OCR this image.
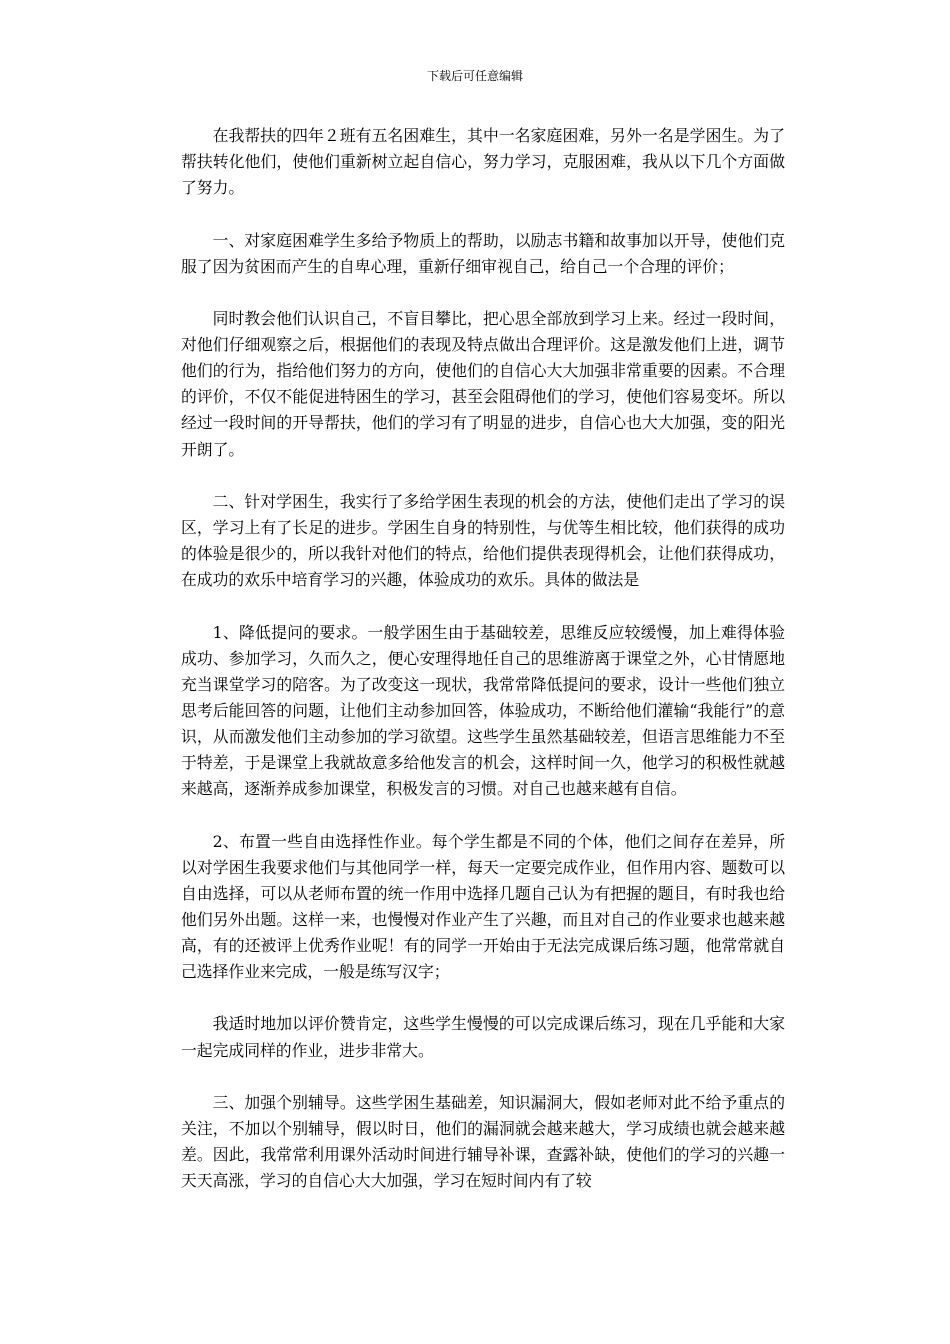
下载后可任意编辑

在我帮扶的四年２班有五名困难生，其中一名家庭困难，另外一名是学困生。为了帮扶转化他们，使他们重新树立起自信心，努力学习，克服困难，我从以下几个方面做了努力。

一、对家庭困难学生多给予物质上的帮助，以励志书籍和故事加以开导，使他们克服了因为贫困而产生的自卑心理，重新仔细审视自己，给自己一个合理的评价；

同时教会他们认识自己，不盲目攀比，把心思全部放到学习上来。经过一段时间，对他们仔细观察之后，根据他们的表现及特点做出合理评价。这是激发他们上进，调节他们的行为，指给他们努力的方向，使他们的自信心大大加强非常重要的因素。不合理的评价，不仅不能促进特困生的学习，甚至会阻碍他们的学习，使他们容易变坏。所以经过一段时间的开导帮扶，他们的学习有了明显的进步，自信心也大大加强，变的阳光开朗了。

二、针对学困生，我实行了多给学困生表现的机会的方法，使他们走出了学习的误区，学习上有了长足的进步。学困生自身的特别性，与优等生相比较，他们获得的成功的体验是很少的，所以我针对他们的特点，给他们提供表现得机会，让他们获得成功，在成功的欢乐中培育学习的兴趣，体验成功的欢乐。具体的做法是

1、降低提问的要求。一般学困生由于基础较差，思维反应较缓慢，加上难得体验成功、参加学习，久而久之，便心安理得地任自己的思维游离于课堂之外，心甘情愿地充当课堂学习的陪客。为了改变这一现状，我常常降低提问的要求，设计一些他们独立思考后能回答的问题，让他们主动参加回答，体验成功，不断给他们灌输“我能行”的意识，从而激发他们主动参加的学习欲望。这些学生虽然基础较差，但语言思维能力不至于特差，于是课堂上我就故意多给他发言的机会，这样时间一久，他学习的积极性就越来越高，逐渐养成参加课堂，积极发言的习惯。对自己也越来越有自信。

2、布置一些自由选择性作业。每个学生都是不同的个体，他们之间存在差异，所以对学困生我要求他们与其他同学一样，每天一定要完成作业，但作用内容、题数可以自由选择，可以从老师布置的统一作用中选择几题自己认为有把握的题目，有时我也给他们另外出题。这样一来，也慢慢对作业产生了兴趣，而且对自己的作业要求也越来越高，有的还被评上优秀作业呢！有的同学一开始由于无法完成课后练习题，他常常就自己选择作业来完成，一般是练写汉字；

我适时地加以评价赞肯定，这些学生慢慢的可以完成课后练习，现在几乎能和大家一起完成同样的作业，进步非常大。

三、加强个别辅导。这些学困生基础差，知识漏洞大，假如老师对此不给予重点的关注，不加以个别辅导，假以时日，他们的漏洞就会越来越大，学习成绩也就会越来越差。因此，我常常利用课外活动时间进行辅导补课，查露补缺，使他们的学习的兴趣一天天高涨，学习的自信心大大加强，学习在短时间内有了较
